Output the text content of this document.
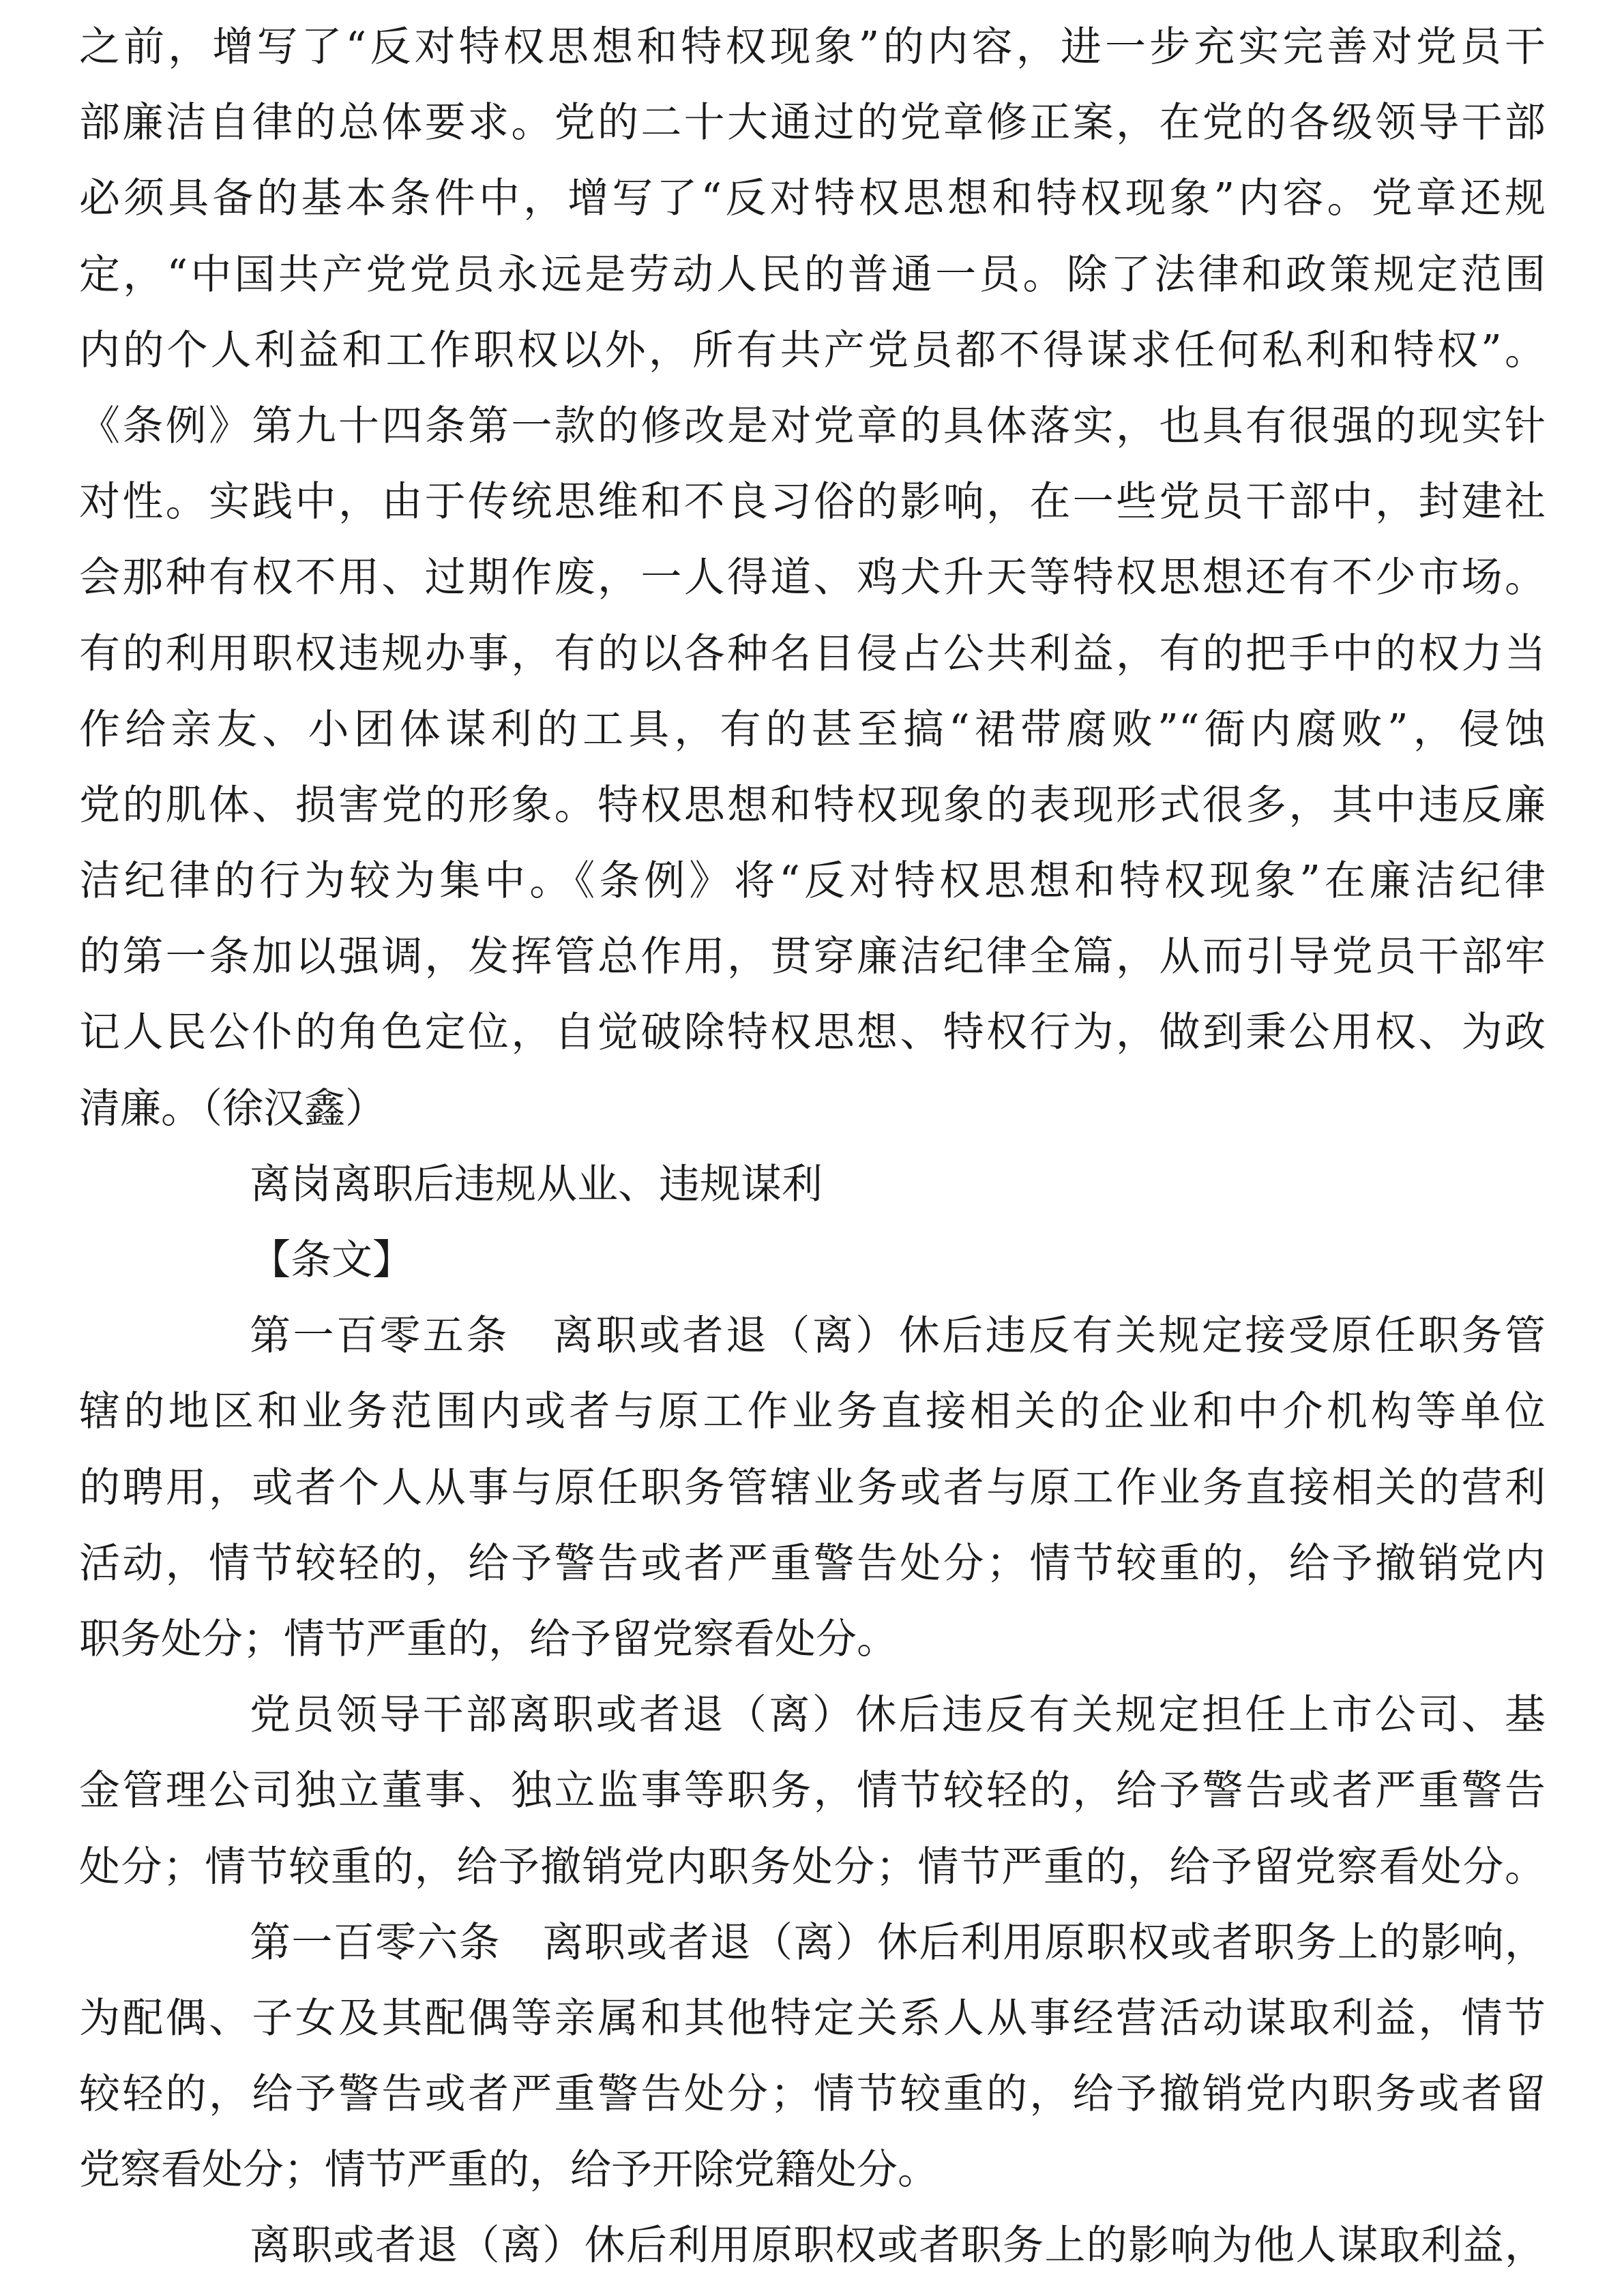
之前，增写了“反对特权思想和特权现象”的内容，进一步充实完善对党员干
部廉洁自律的总体要求。党的二十大通过的党章修正案，在党的各级领导干部
必须具备的基本条件中，增写了“反对特权思想和特权现象”内容。党章还规
定，“中国共产党党员永远是劳动人民的普通一员。除了法律和政策规定范围
内的个人利益和工作职权以外，所有共产党员都不得谋求任何私利和特权”。
《条例》第九十四条第一款的修改是对党章的具体落实，也具有很强的现实针
对性。实践中，由于传统思维和不良习俗的影响，在一些党员干部中，封建社
会那种有权不用、过期作废，一人得道、鸡犬升天等特权思想还有不少市场。
有的利用职权违规办事，有的以各种名目侵占公共利益，有的把手中的权力当
作给亲友、小团体谋利的工具，有的甚至搞“裙带腐败”“衙内腐败”，侵蚀
党的肌体、损害党的形象。特权思想和特权现象的表现形式很多，其中违反廉
洁纪律的行为较为集中。《条例》将“反对特权思想和特权现象”在廉洁纪律
的第一条加以强调，发挥管总作用，贯穿廉洁纪律全篇，从而引导党员干部牢
记人民公仆的角色定位，自觉破除特权思想、特权行为，做到秉公用权、为政
清廉。（徐汉鑫）
离岗离职后违规从业、违规谋利
【条文】
第一百零五条　离职或者退（离）休后违反有关规定接受原任职务管
辖的地区和业务范围内或者与原工作业务直接相关的企业和中介机构等单位
的聘用，或者个人从事与原任职务管辖业务或者与原工作业务直接相关的营利
活动，情节较轻的，给予警告或者严重警告处分；情节较重的，给予撤销党内
职务处分；情节严重的，给予留党察看处分。
党员领导干部离职或者退（离）休后违反有关规定担任上市公司、基
金管理公司独立董事、独立监事等职务，情节较轻的，给予警告或者严重警告
处分；情节较重的，给予撤销党内职务处分；情节严重的，给予留党察看处分。
第一百零六条　离职或者退（离）休后利用原职权或者职务上的影响，
为配偶、子女及其配偶等亲属和其他特定关系人从事经营活动谋取利益，情节
较轻的，给予警告或者严重警告处分；情节较重的，给予撤销党内职务或者留
党察看处分；情节严重的，给予开除党籍处分。
离职或者退（离）休后利用原职权或者职务上的影响为他人谋取利益，
